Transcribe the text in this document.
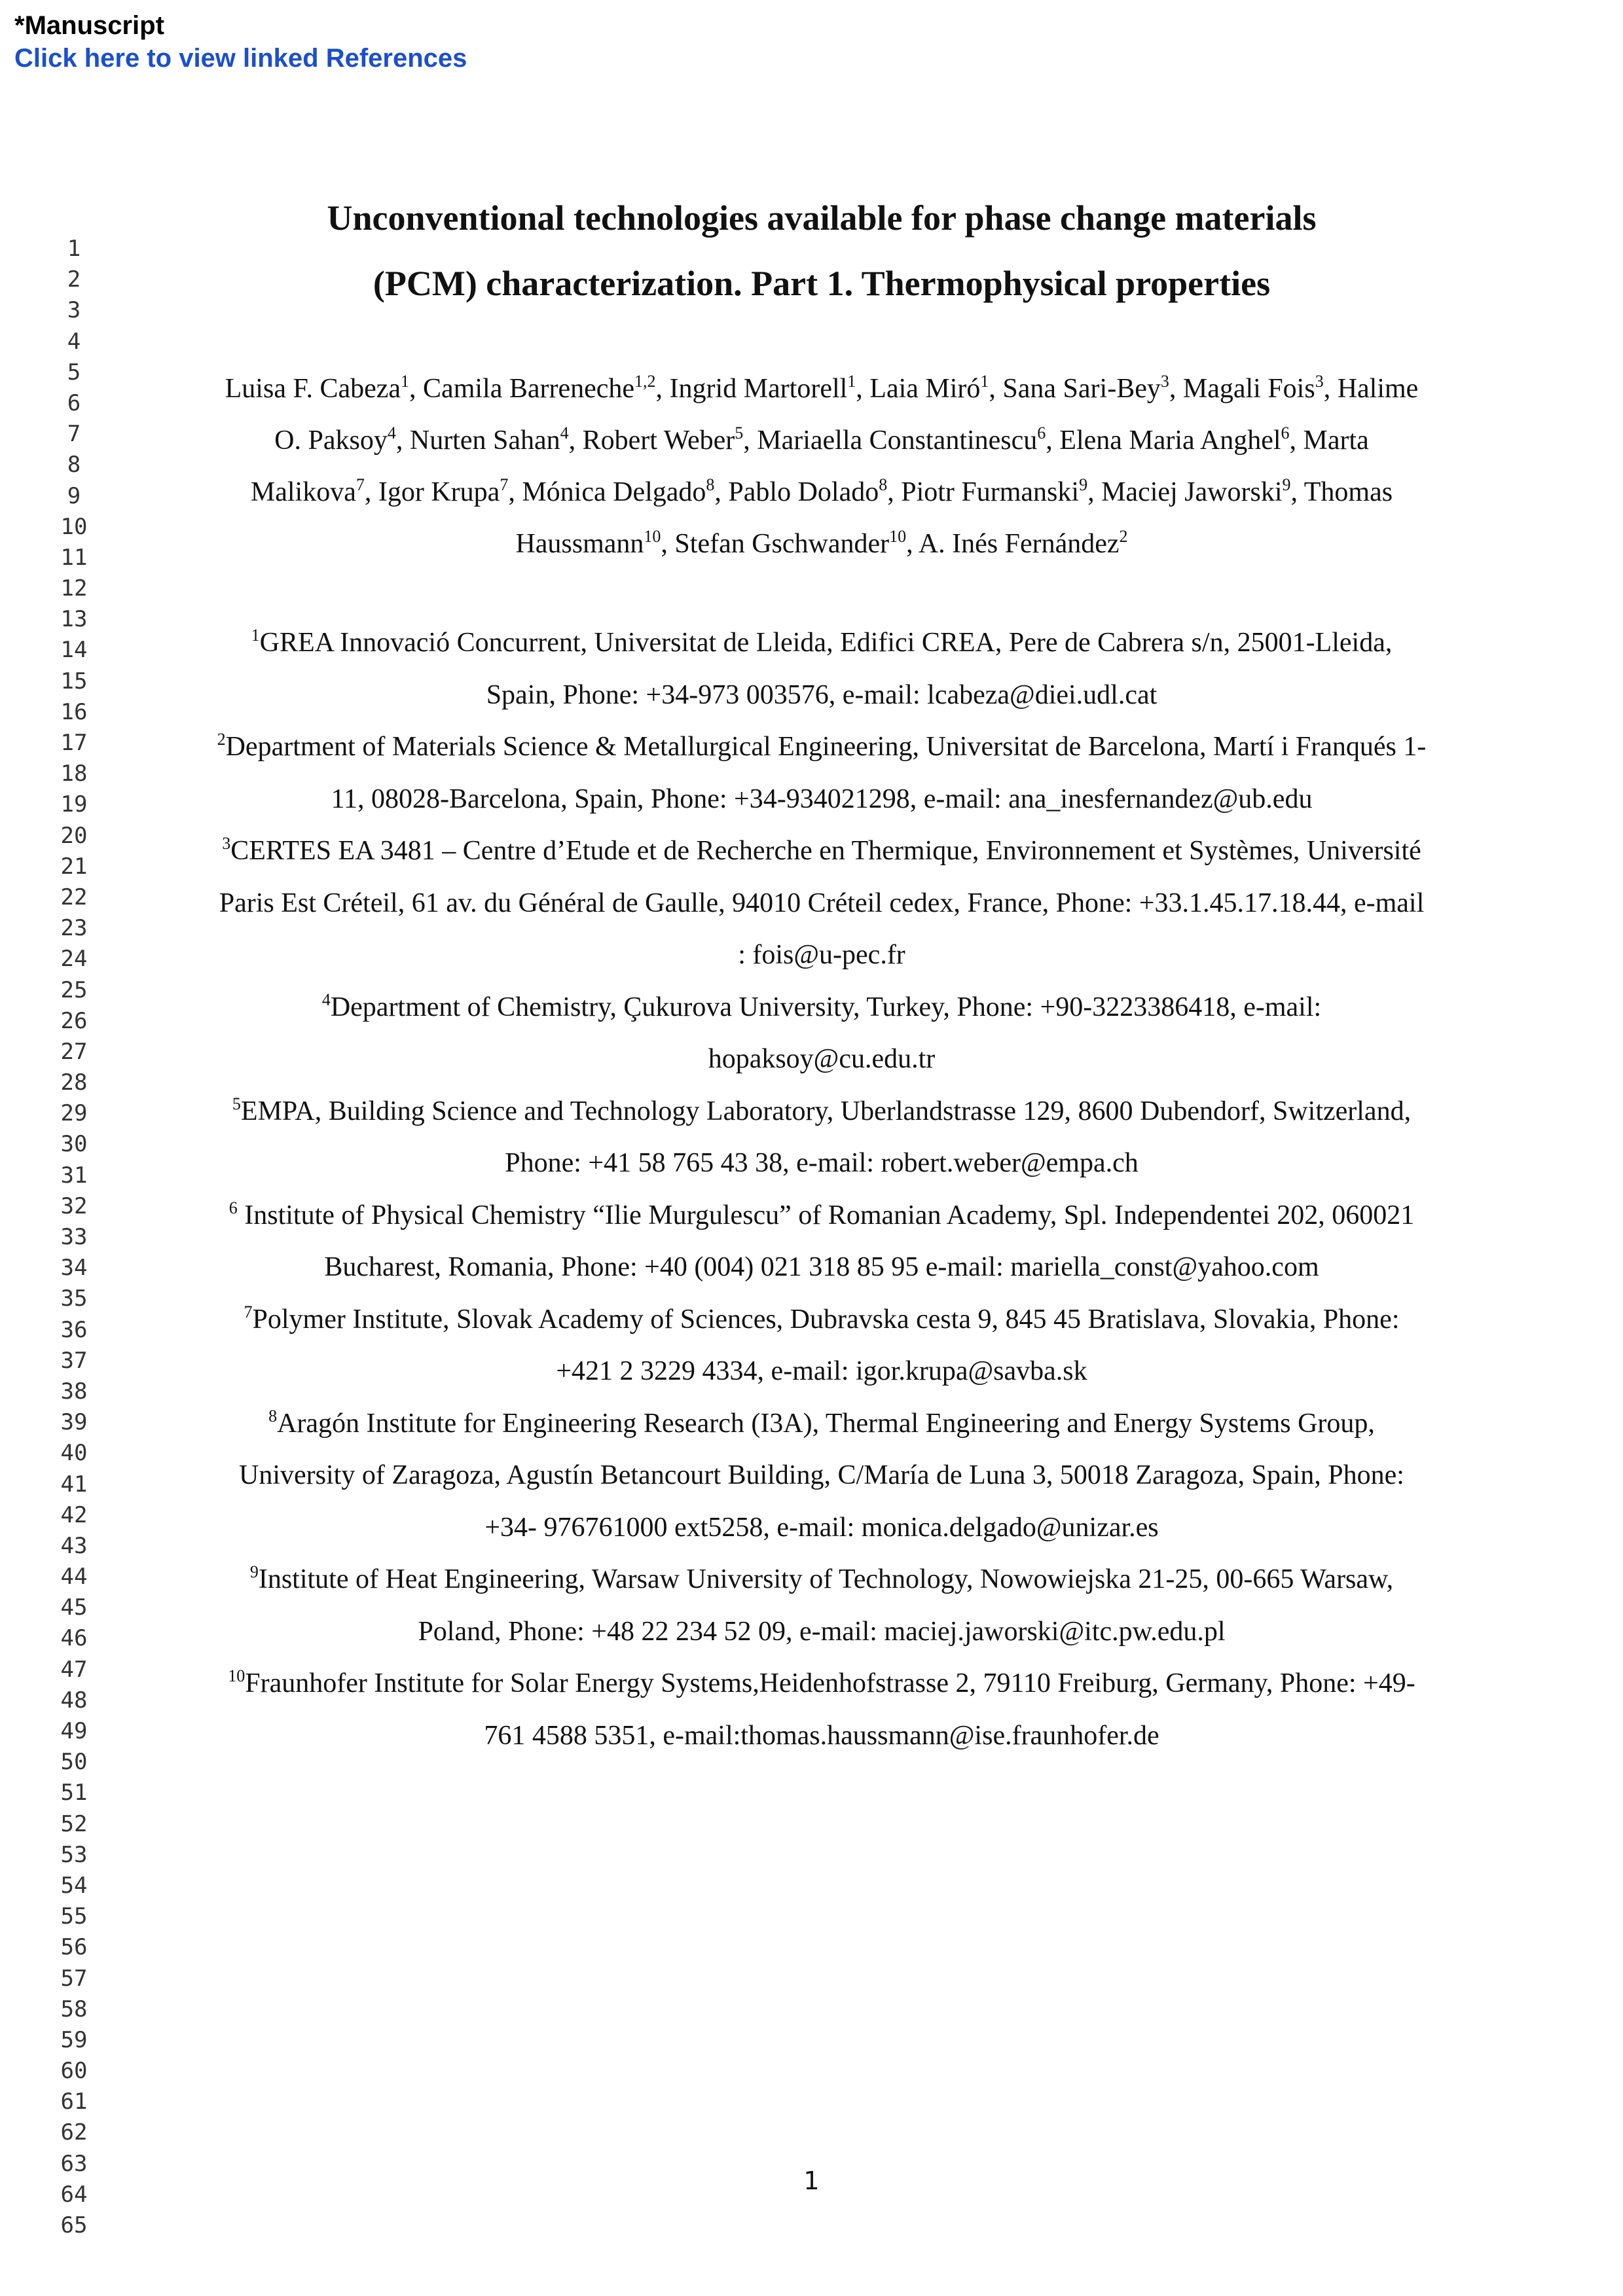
*Manuscript
Click here to view linked References
1
2
3
4
5
6
7
8
9
10
11
12
13
14
15
16
17
18
19
20
21
22
23
24
25
26
27
28
29
30
31
32
33
34
35
36
37
38
39
40
41
42
43
44
45
46
47
48
49
50
51
52
53
54
55
56
57
58
59
60
61
62
63
64
65
Unconventional technologies available for phase change materials
(PCM) characterization. Part 1. Thermophysical properties
Luisa F. Cabeza$^1$, Camila Barreneche$^{1,2}$, Ingrid Martorell$^1$, Laia Miró$^1$, Sana Sari-Bey$^3$, Magali Fois$^3$, Halime O. Paksoy$^4$, Nurten Sahan$^4$, Robert Weber$^5$, Mariaella Constantinescu$^6$, Elena Maria Anghel$^6$, Marta Malikova$^7$, Igor Krupa$^7$, Mónica Delgado$^8$, Pablo Dolado$^8$, Piotr Furmanski$^9$, Maciej Jaworski$^9$, Thomas Haussmann$^{10}$, Stefan Gschwander$^{10}$, A. Inés Fernández$^2$

$^1$GREA Innovació Concurrent, Universitat de Lleida, Edifici CREA, Pere de Cabrera s/n, 25001-Lleida, Spain, Phone: +34-973 003576, e-mail: lcabeza@diei.udl.cat

$^2$Department of Materials Science & Metallurgical Engineering, Universitat de Barcelona, Martí i Franqués 1-11, 08028-Barcelona, Spain, Phone: +34-934021298, e-mail: ana_inesfernandez@ub.edu

$^3$CERTES EA 3481 – Centre d’Etude et de Recherche en Thermique, Environnement et Systèmes, Université Paris Est Créteil, 61 av. du Général de Gaulle, 94010 Créteil cedex, France, Phone: +33.1.45.17.18.44, e-mail : fois@u-pec.fr

$^4$Department of Chemistry, Çukurova University, Turkey, Phone: +90-3223386418, e-mail: hopaksoy@cu.edu.tr

$^5$EMPA, Building Science and Technology Laboratory, Uberlandstrasse 129, 8600 Dubendorf, Switzerland, Phone: +41 58 765 43 38, e-mail: robert.weber@empa.ch

$^6$ Institute of Physical Chemistry “Ilie Murgulescu” of Romanian Academy, Spl. Independentei 202, 060021 Bucharest, Romania, Phone: +40 (004) 021 318 85 95 e-mail: mariella_const@yahoo.com

$^7$Polymer Institute, Slovak Academy of Sciences, Dubravska cesta 9, 845 45 Bratislava, Slovakia, Phone: +421 2 3229 4334, e-mail: igor.krupa@savba.sk

$^8$Aragón Institute for Engineering Research (I3A), Thermal Engineering and Energy Systems Group, University of Zaragoza, Agustín Betancourt Building, C/María de Luna 3, 50018 Zaragoza, Spain, Phone: +34- 976761000 ext5258, e-mail: monica.delgado@unizar.es

$^9$Institute of Heat Engineering, Warsaw University of Technology, Nowowiejska 21-25, 00-665 Warsaw, Poland, Phone: +48 22 234 52 09, e-mail: maciej.jaworski@itc.pw.edu.pl

$^{10}$Fraunhofer Institute for Solar Energy Systems,Heidenhofstrasse 2, 79110 Freiburg, Germany, Phone: +49- 761 4588 5351, e-mail:thomas.haussmann@ise.fraunhofer.de

1
